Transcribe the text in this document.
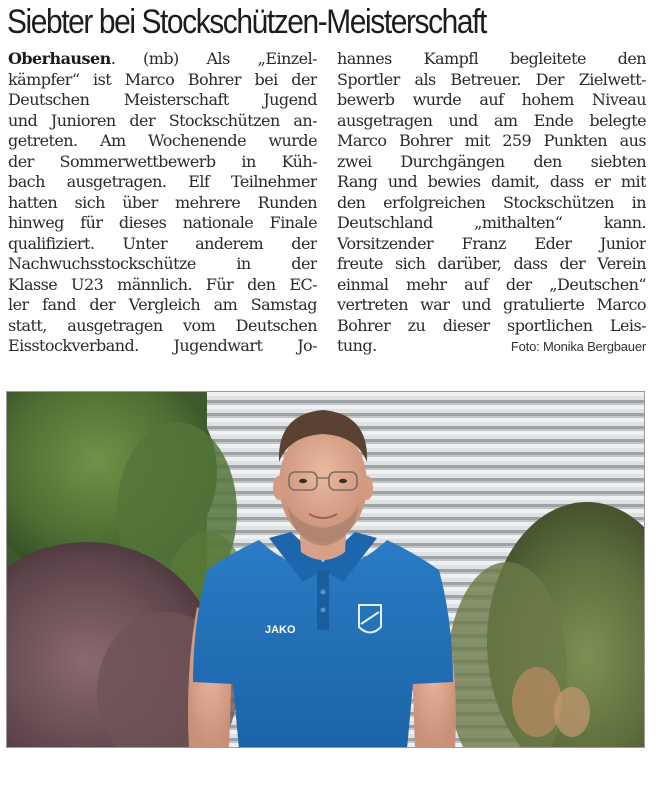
Siebter bei Stockschützen-Meisterschaft
Oberhausen. (mb) Als „Einzel-
kämpfer“ ist Marco Bohrer bei der
Deutschen Meisterschaft Jugend
und Junioren der Stockschützen an-
getreten. Am Wochenende wurde
der Sommerwettbewerb in Küh-
bach ausgetragen. Elf Teilnehmer
hatten sich über mehrere Runden
hinweg für dieses nationale Finale
qualifiziert. Unter anderem der
Nachwuchsstockschütze in der
Klasse U23 männlich. Für den EC-
ler fand der Vergleich am Samstag
statt, ausgetragen vom Deutschen
Eisstockverband. Jugendwart Jo-
hannes Kampfl begleitete den
Sportler als Betreuer. Der Zielwett-
bewerb wurde auf hohem Niveau
ausgetragen und am Ende belegte
Marco Bohrer mit 259 Punkten aus
zwei Durchgängen den siebten
Rang und bewies damit, dass er mit
den erfolgreichen Stockschützen in
Deutschland „mithalten“ kann.
Vorsitzender Franz Eder Junior
freute sich darüber, dass der Verein
einmal mehr auf der „Deutschen“
vertreten war und gratulierte Marco
Bohrer zu dieser sportlichen Leis-
tung.	Foto: Monika Bergbauer
JAKO
